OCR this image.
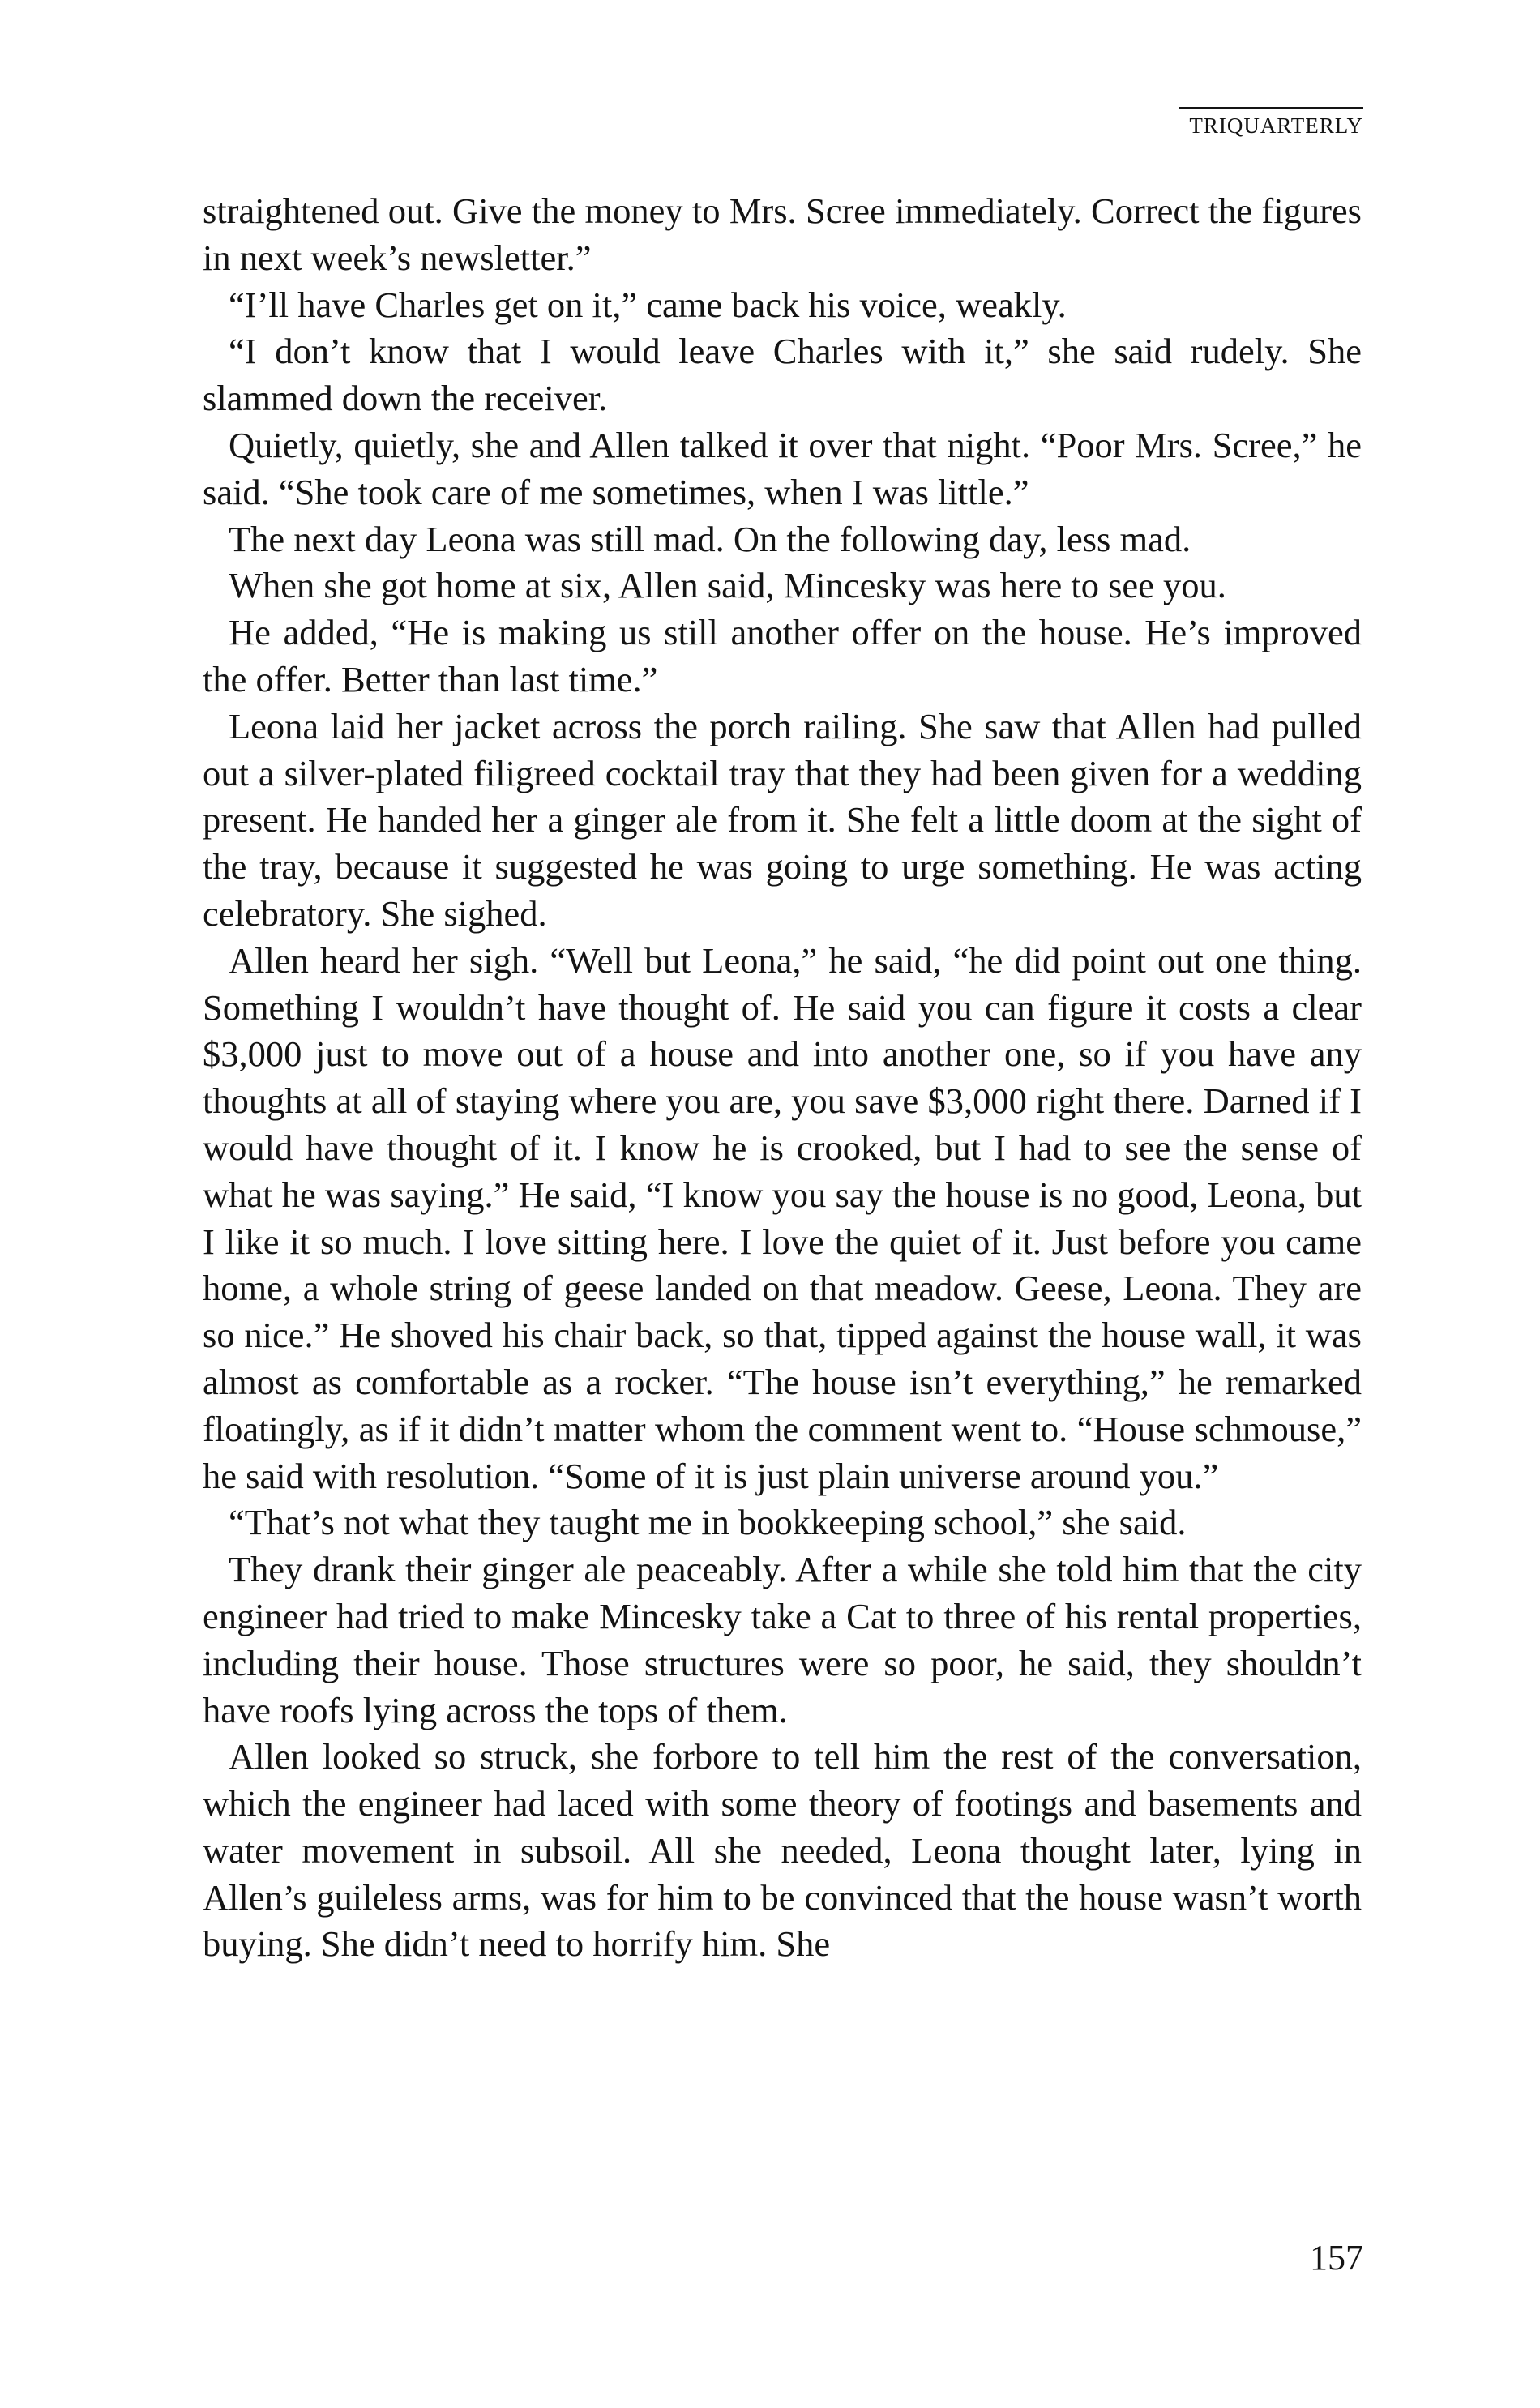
TRIQUARTERLY

straightened out. Give the money to Mrs. Scree immediately. Correct the figures in next week’s newsletter.”

“I’ll have Charles get on it,” came back his voice, weakly.

“I don’t know that I would leave Charles with it,” she said rudely. She slammed down the receiver.

Quietly, quietly, she and Allen talked it over that night. “Poor Mrs. Scree,” he said. “She took care of me sometimes, when I was little.”

The next day Leona was still mad. On the following day, less mad.

When she got home at six, Allen said, Mincesky was here to see you.

He added, “He is making us still another offer on the house. He’s improved the offer. Better than last time.”

Leona laid her jacket across the porch railing. She saw that Allen had pulled out a silver-plated filigreed cocktail tray that they had been given for a wedding present. He handed her a ginger ale from it. She felt a little doom at the sight of the tray, because it suggested he was going to urge something. He was acting celebratory. She sighed.

Allen heard her sigh. “Well but Leona,” he said, “he did point out one thing. Something I wouldn’t have thought of. He said you can figure it costs a clear $3,000 just to move out of a house and into another one, so if you have any thoughts at all of staying where you are, you save $3,000 right there. Darned if I would have thought of it. I know he is crooked, but I had to see the sense of what he was saying.” He said, “I know you say the house is no good, Leona, but I like it so much. I love sitting here. I love the quiet of it. Just before you came home, a whole string of geese landed on that meadow. Geese, Leona. They are so nice.” He shoved his chair back, so that, tipped against the house wall, it was almost as comfortable as a rocker. “The house isn’t everything,” he remarked floatingly, as if it didn’t matter whom the comment went to. “House schmouse,” he said with resolution. “Some of it is just plain universe around you.”

“That’s not what they taught me in bookkeeping school,” she said.

They drank their ginger ale peaceably. After a while she told him that the city engineer had tried to make Mincesky take a Cat to three of his rental properties, including their house. Those structures were so poor, he said, they shouldn’t have roofs lying across the tops of them.

Allen looked so struck, she forbore to tell him the rest of the conversation, which the engineer had laced with some theory of footings and basements and water movement in subsoil. All she needed, Leona thought later, lying in Allen’s guileless arms, was for him to be convinced that the house wasn’t worth buying. She didn’t need to horrify him. She

157
